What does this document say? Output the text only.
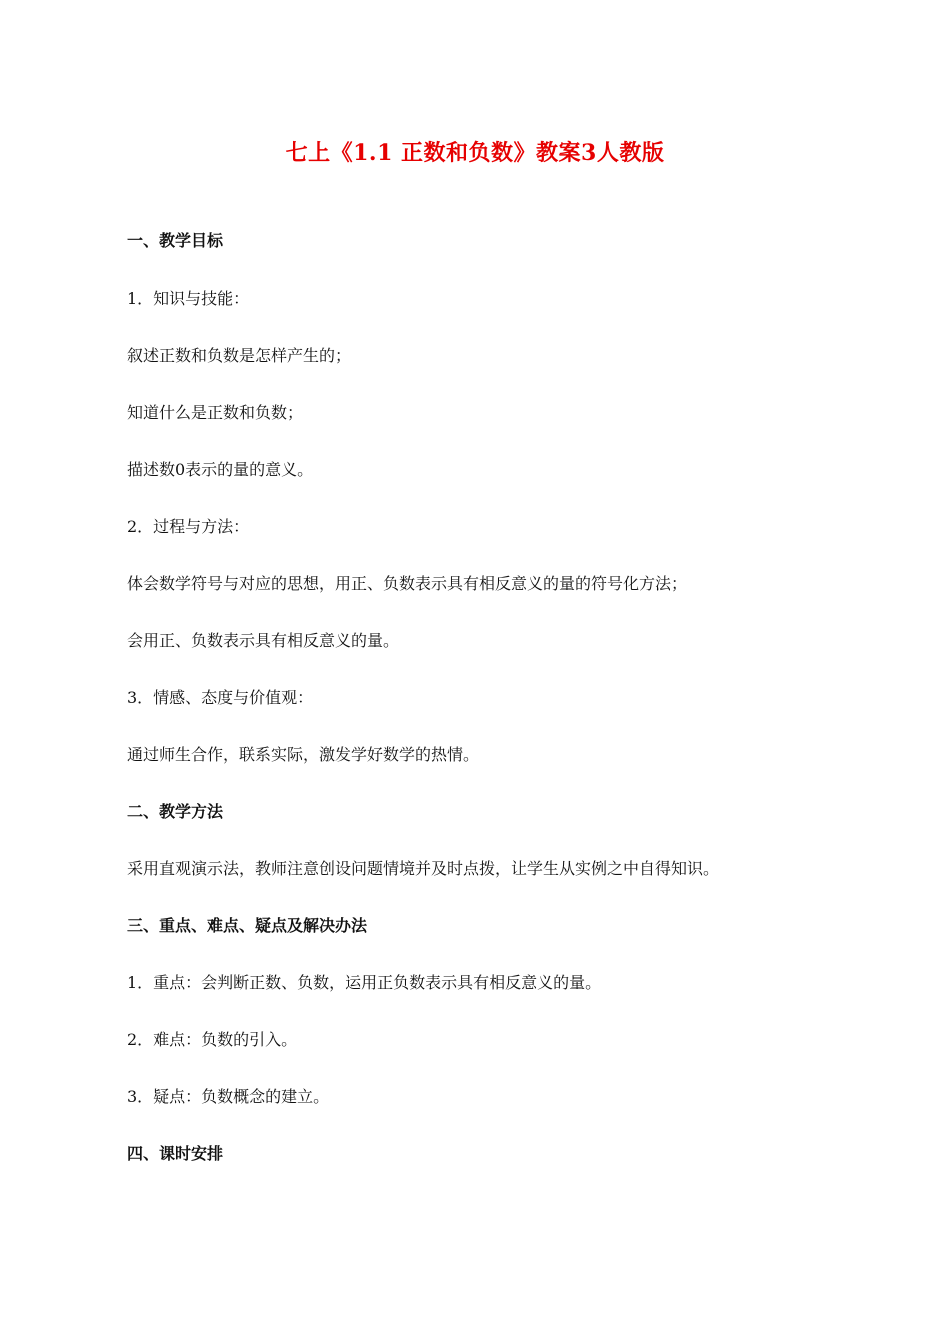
七上《1.1 正数和负数》教案3人教版
一、教学目标
1．知识与技能：
叙述正数和负数是怎样产生的；
知道什么是正数和负数；
描述数0表示的量的意义。
2．过程与方法：
体会数学符号与对应的思想，用正、负数表示具有相反意义的量的符号化方法；
会用正、负数表示具有相反意义的量。
3．情感、态度与价值观：
通过师生合作，联系实际，激发学好数学的热情。
二、教学方法
采用直观演示法，教师注意创设问题情境并及时点拨，让学生从实例之中自得知识。
三、重点、难点、疑点及解决办法
1．重点：会判断正数、负数，运用正负数表示具有相反意义的量。
2．难点：负数的引入。
3．疑点：负数概念的建立。
四、课时安排
